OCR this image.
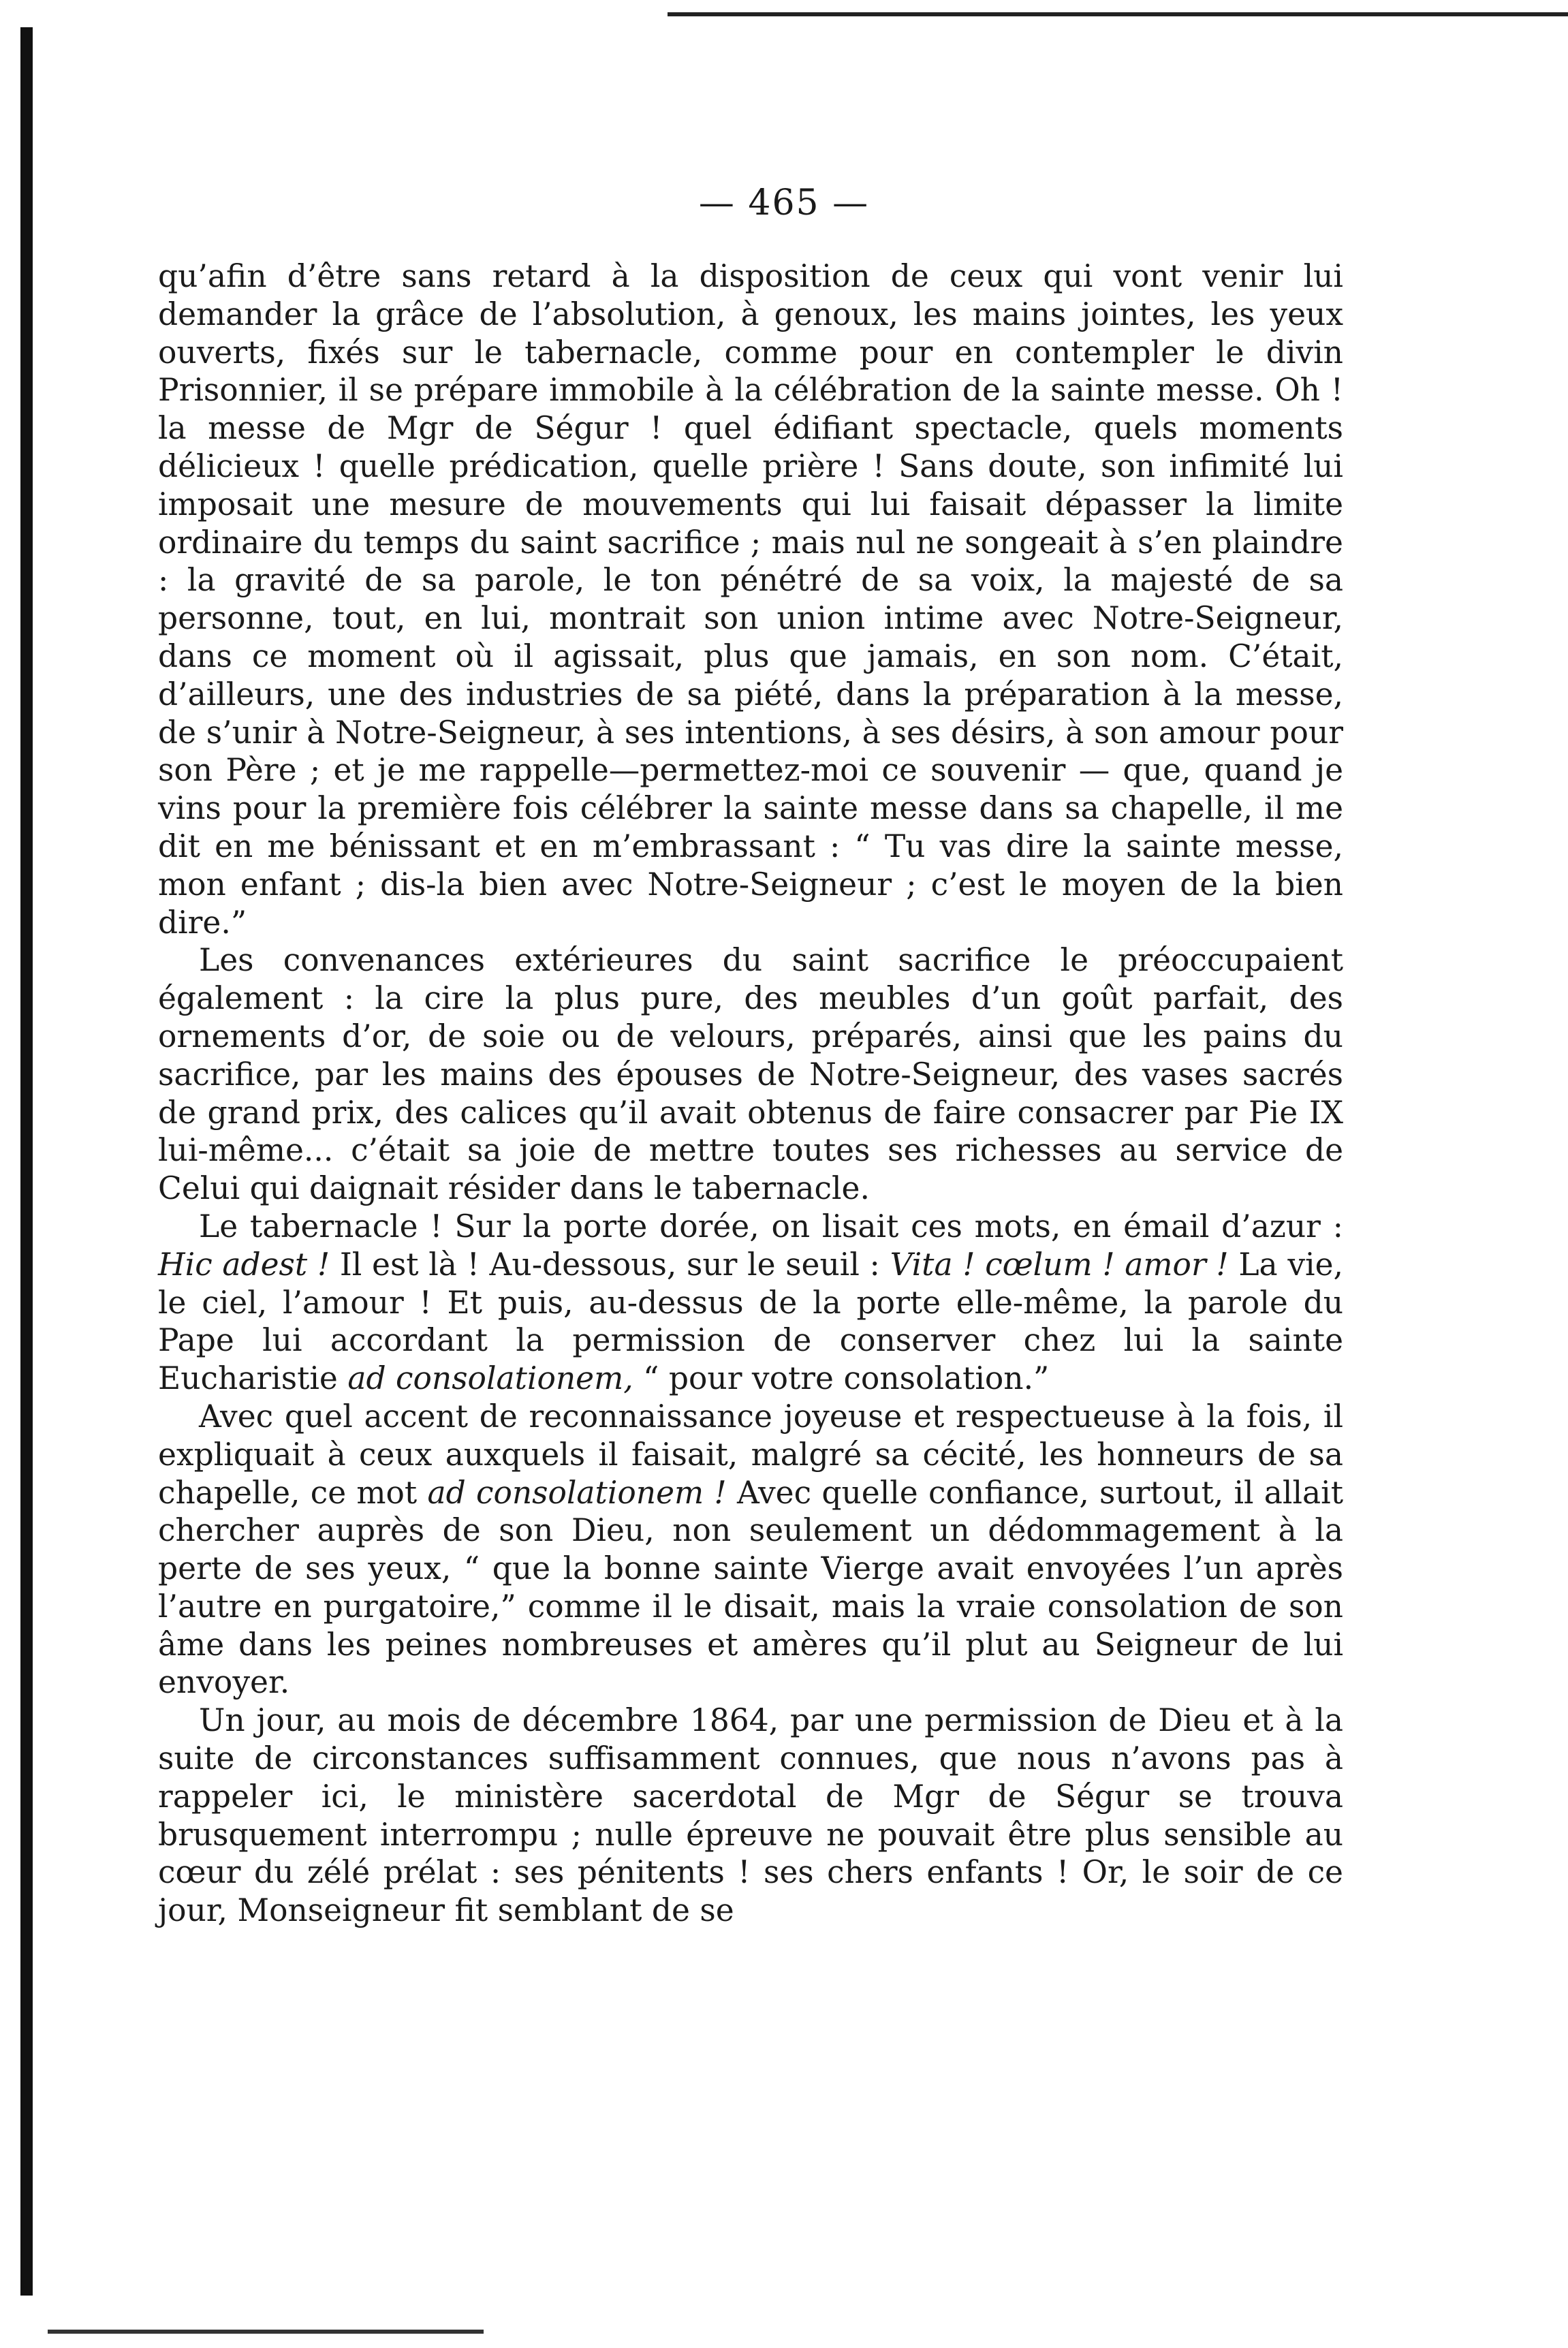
— 465 —

qu’afin d’être sans retard à la disposition de ceux qui vont venir lui demander la grâce de l’absolution, à genoux, les mains jointes, les yeux ouverts, fixés sur le tabernacle, comme pour en contempler le divin Prisonnier, il se prépare immobile à la célébration de la sainte messe. Oh ! la messe de Mgr de Ségur ! quel édifiant spectacle, quels moments délicieux ! quelle prédication, quelle prière ! Sans doute, son infimité lui imposait une mesure de mouvements qui lui faisait dépasser la limite ordinaire du temps du saint sacrifice ; mais nul ne songeait à s’en plaindre : la gravité de sa parole, le ton pénétré de sa voix, la majesté de sa personne, tout, en lui, montrait son union intime avec Notre-Seigneur, dans ce moment où il agissait, plus que jamais, en son nom. C’était, d’ailleurs, une des industries de sa piété, dans la préparation à la messe, de s’unir à Notre-Seigneur, à ses intentions, à ses désirs, à son amour pour son Père ; et je me rappelle—permettez-moi ce souvenir — que, quand je vins pour la première fois célébrer la sainte messe dans sa chapelle, il me dit en me bénissant et en m’embrassant : “ Tu vas dire la sainte messe, mon enfant ; dis-la bien avec Notre-Seigneur ; c’est le moyen de la bien dire.”

Les convenances extérieures du saint sacrifice le préoccupaient également : la cire la plus pure, des meubles d’un goût parfait, des ornements d’or, de soie ou de velours, préparés, ainsi que les pains du sacrifice, par les mains des épouses de Notre-Seigneur, des vases sacrés de grand prix, des calices qu’il avait obtenus de faire consacrer par Pie IX lui-même... c’était sa joie de mettre toutes ses richesses au service de Celui qui daignait résider dans le tabernacle.

Le tabernacle ! Sur la porte dorée, on lisait ces mots, en émail d’azur : Hic adest ! Il est là ! Au-dessous, sur le seuil : Vita ! cœlum ! amor ! La vie, le ciel, l’amour ! Et puis, au-dessus de la porte elle-même, la parole du Pape lui accordant la permission de conserver chez lui la sainte Eucharistie ad consolationem, “ pour votre consolation.”

Avec quel accent de reconnaissance joyeuse et respectueuse à la fois, il expliquait à ceux auxquels il faisait, malgré sa cécité, les honneurs de sa chapelle, ce mot ad consolationem ! Avec quelle confiance, surtout, il allait chercher auprès de son Dieu, non seulement un dédommagement à la perte de ses yeux, “ que la bonne sainte Vierge avait envoyées l’un après l’autre en purgatoire,” comme il le disait, mais la vraie consolation de son âme dans les peines nombreuses et amères qu’il plut au Seigneur de lui envoyer.

Un jour, au mois de décembre 1864, par une permission de Dieu et à la suite de circonstances suffisamment connues, que nous n’avons pas à rappeler ici, le ministère sacerdotal de Mgr de Ségur se trouva brusquement interrompu ; nulle épreuve ne pouvait être plus sensible au cœur du zélé prélat : ses pénitents ! ses chers enfants ! Or, le soir de ce jour, Monseigneur fit semblant de se
